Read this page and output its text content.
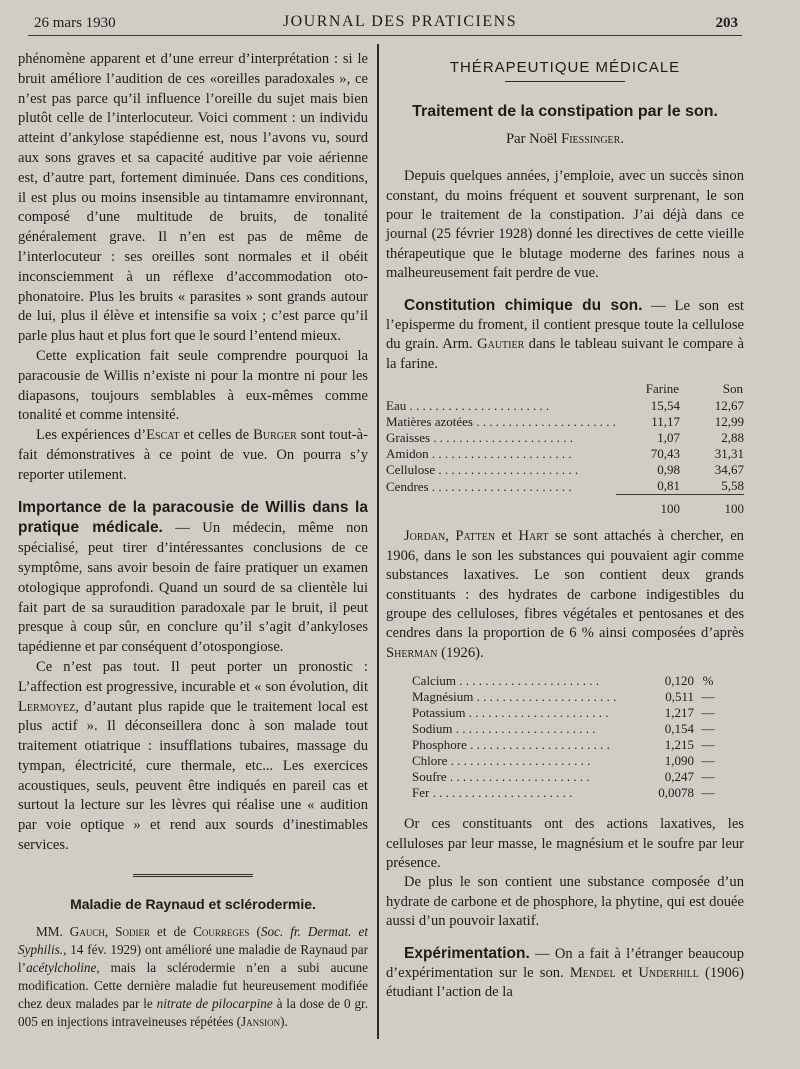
26 mars 1930	JOURNAL DES PRATICIENS	203

phénomène apparent et d’une erreur d’interprétation : si le bruit améliore l’audition de ces «oreilles paradoxales », ce n’est pas parce qu’il influence l’oreille du sujet mais bien plutôt celle de l’interlocuteur. Voici comment : un individu atteint d’ankylose stapédienne est, nous l’avons vu, sourd aux sons graves et sa capacité auditive par voie aérienne est, d’autre part, fortement diminuée. Dans ces conditions, il est plus ou moins insensible au tintamamre environnant, composé d’une multitude de bruits, de tonalité généralement grave. Il n’en est pas de même de l’interlocuteur : ses oreilles sont normales et il obéit inconsciemment à un réflexe d’accommodation oto-phonatoire. Plus les bruits « parasites » sont grands autour de lui, plus il élève et intensifie sa voix ; c’est parce qu’il parle plus haut et plus fort que le sourd l’entend mieux.

Cette explication fait seule comprendre pourquoi la paracousie de Willis n’existe ni pour la montre ni pour les diapasons, toujours semblables à eux-mêmes comme tonalité et comme intensité.

Les expériences d’Escat et celles de Burger sont tout-à-fait démonstratives à ce point de vue. On pourra s’y reporter utilement.

Importance de la paracousie de Willis dans la pratique médicale. — Un médecin, même non spécialisé, peut tirer d’intéressantes conclusions de ce symptôme, sans avoir besoin de faire pratiquer un examen otologique approfondi. Quand un sourd de sa clientèle lui fait part de sa suraudition paradoxale par le bruit, il peut presque à coup sûr, en conclure qu’il s’agit d’ankyloses tapédienne et par conséquent d’otospongiose.

Ce n’est pas tout. Il peut porter un pronostic : L’affection est progressive, incurable et « son évolution, dit Lermoyez, d’autant plus rapide que le traitement local est plus actif ». Il déconseillera donc à son malade tout traitement otiatrique : insufflations tubaires, massage du tympan, électricité, cure thermale, etc... Les exercices acoustiques, seuls, peuvent être indiqués en pareil cas et surtout la lecture sur les lèvres qui réalise une « audition par voie optique » et rend aux sourds d’inestimables services.

Maladie de Raynaud et sclérodermie.

MM. Gauch, Sodier et de Courreges (Soc. fr. Dermat. et Syphilis., 14 fév. 1929) ont amélioré une maladie de Raynaud par l’acétylcholine, mais la sclérodermie n’en a subi aucune modification. Cette dernière maladie fut heureusement modifiée chez deux malades par le nitrate de pilocarpine à la dose de 0 gr. 005 en injections intraveineuses répétées (Jansion).

THÉRAPEUTIQUE MÉDICALE
Traitement de la constipation par le son.
Par Noël Fiessinger.

Depuis quelques années, j’emploie, avec un succès sinon constant, du moins fréquent et souvent surprenant, le son pour le traitement de la constipation. J’ai déjà dans ce journal (25 février 1928) donné les directives de cette vieille thérapeutique que le blutage moderne des farines nous a malheureusement fait perdre de vue.

Constitution chimique du son. — Le son est l’episperme du froment, il contient presque toute la cellulose du grain. Arm. Gautier dans le tableau suivant le compare à la farine.

	Farine	Son
Eau . . .	15,54	12,67
Matières azotées . . .	11,17	12,99
Graisses . . .	1,07	2,88
Amidon . . .	70,43	31,31
Cellulose . . .	0,98	34,67
Cendres . . .	0,81	5,58
	100	100

Jordan, Patten et Hart se sont attachés à chercher, en 1906, dans le son les substances qui pouvaient agir comme substances laxatives. Le son contient deux grands constituants : des hydrates de carbone indigestibles du groupe des celluloses, fibres végétales et pentosanes et des cendres dans la proportion de 6 % ainsi composées d’après Sherman (1926).

Calcium . . .	0,120	%
Magnésium . . .	0,511	—
Potassium . . .	1,217	—
Sodium . . .	0,154	—
Phosphore . . .	1,215	—
Chlore . . .	1,090	—
Soufre . . .	0,247	—
Fer . . .	0,0078	—

Or ces constituants ont des actions laxatives, les celluloses par leur masse, le magnésium et le soufre par leur présence.

De plus le son contient une substance composée d’un hydrate de carbone et de phosphore, la phytine, qui est douée aussi d’un pouvoir laxatif.

Expérimentation. — On a fait à l’étranger beaucoup d’expérimentation sur le son. Mendel et Underhill (1906) étudiant l’action de la
